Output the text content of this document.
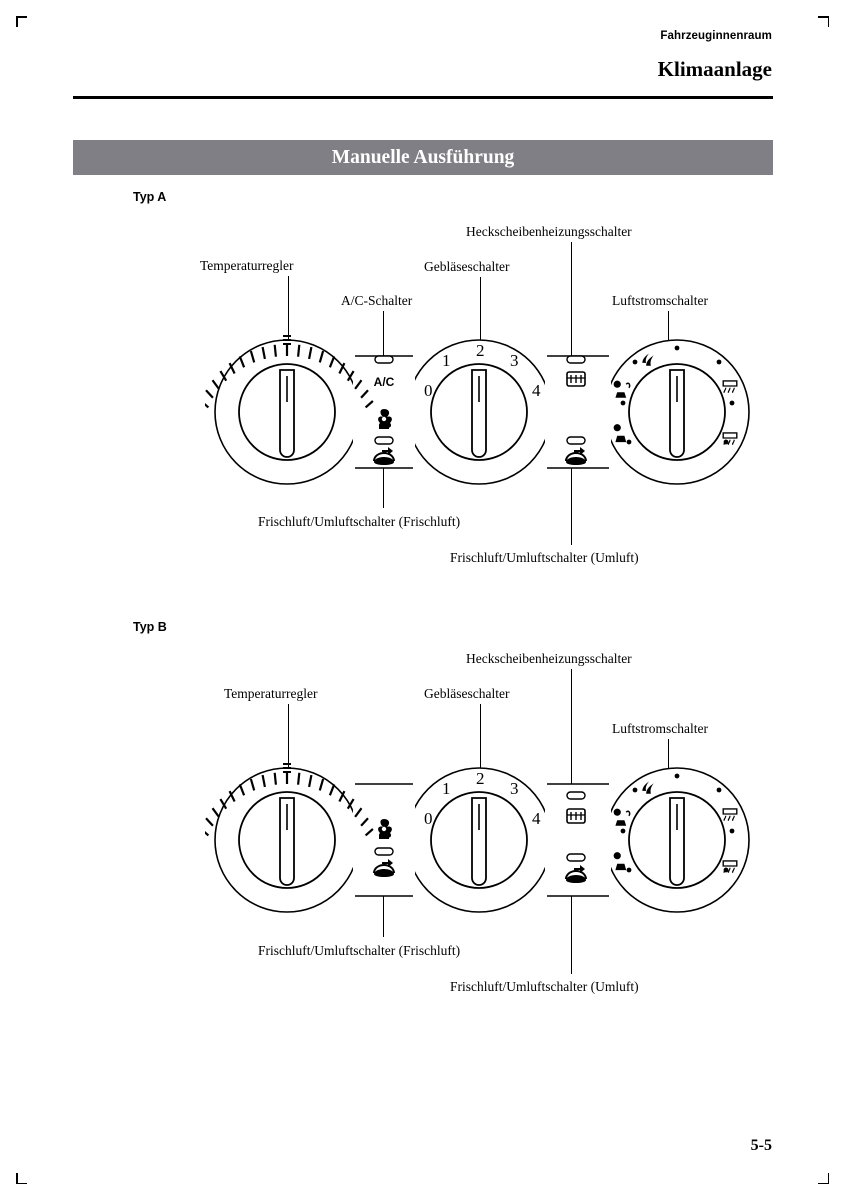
Fahrzeuginnenraum
Klimaanlage
Manuelle Ausführung
Typ A
Temperaturregler
A/C-Schalter
Gebläseschalter
Heckscheibenheizungsschalter
Luftstromschalter
Frischluft/Umluftschalter (Frischluft)
Frischluft/Umluftschalter (Umluft)
A/C 0
1
2
3
4
Typ B
Temperaturregler	Gebläseschalter
Heckscheibenheizungsschalter
Luftstromschalter
Frischluft/Umluftschalter (Frischluft)
Frischluft/Umluftschalter (Umluft)
0
1
2
3
4
5-5
